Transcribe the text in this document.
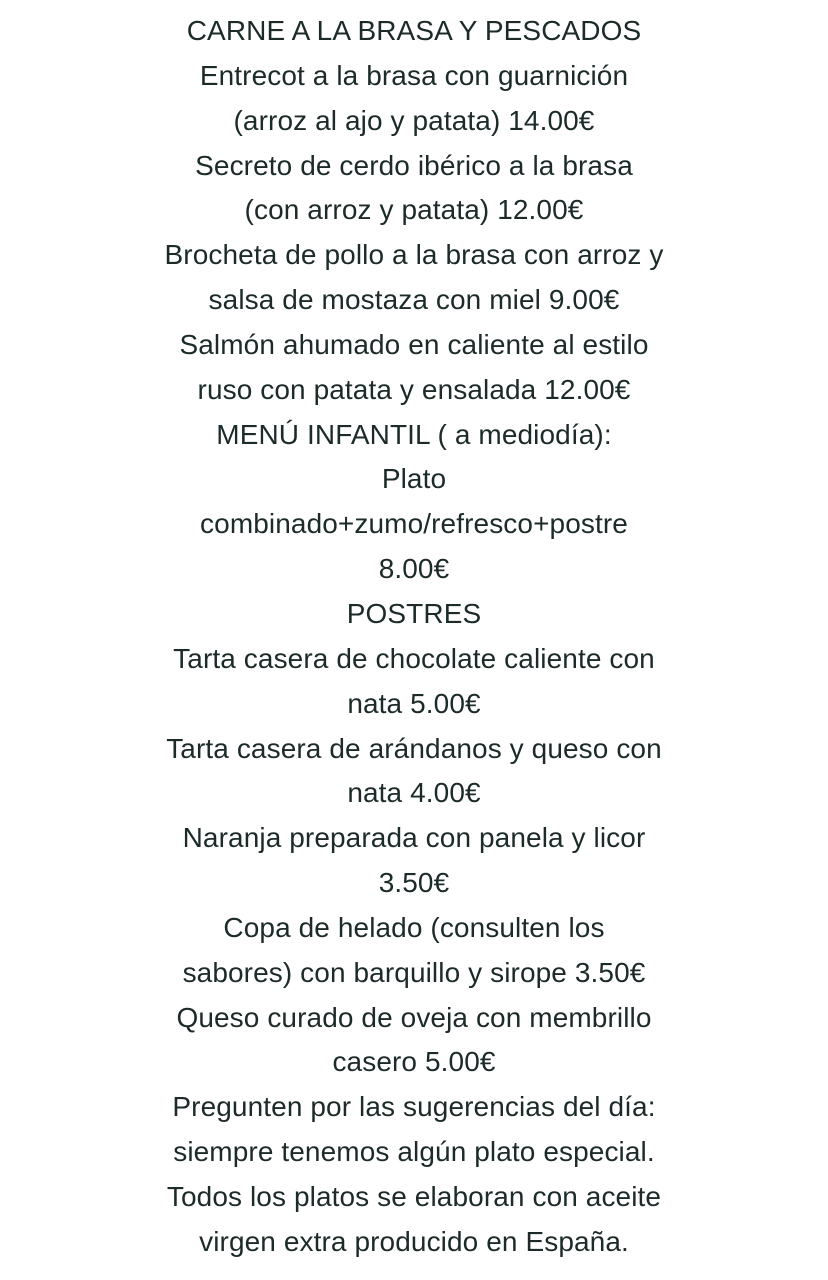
CARNE A LA BRASA Y PESCADOS
Entrecot a la brasa con guarnición
(arroz al ajo y patata) 14.00€
Secreto de cerdo ibérico a la brasa
(con arroz y patata) 12.00€
Brocheta de pollo a la brasa con arroz y
salsa de mostaza con miel 9.00€
Salmón ahumado en caliente al estilo
ruso con patata y ensalada 12.00€
MENÚ INFANTIL ( a mediodía):
Plato
combinado+zumo/refresco+postre
8.00€
POSTRES
Tarta casera de chocolate caliente con
nata 5.00€
Tarta casera de arándanos y queso con
nata 4.00€
Naranja preparada con panela y licor
3.50€
Copa de helado (consulten los
sabores) con barquillo y sirope 3.50€
Queso curado de oveja con membrillo
casero 5.00€
Pregunten por las sugerencias del día:
siempre tenemos algún plato especial.
Todos los platos se elaboran con aceite
virgen extra producido en España.
